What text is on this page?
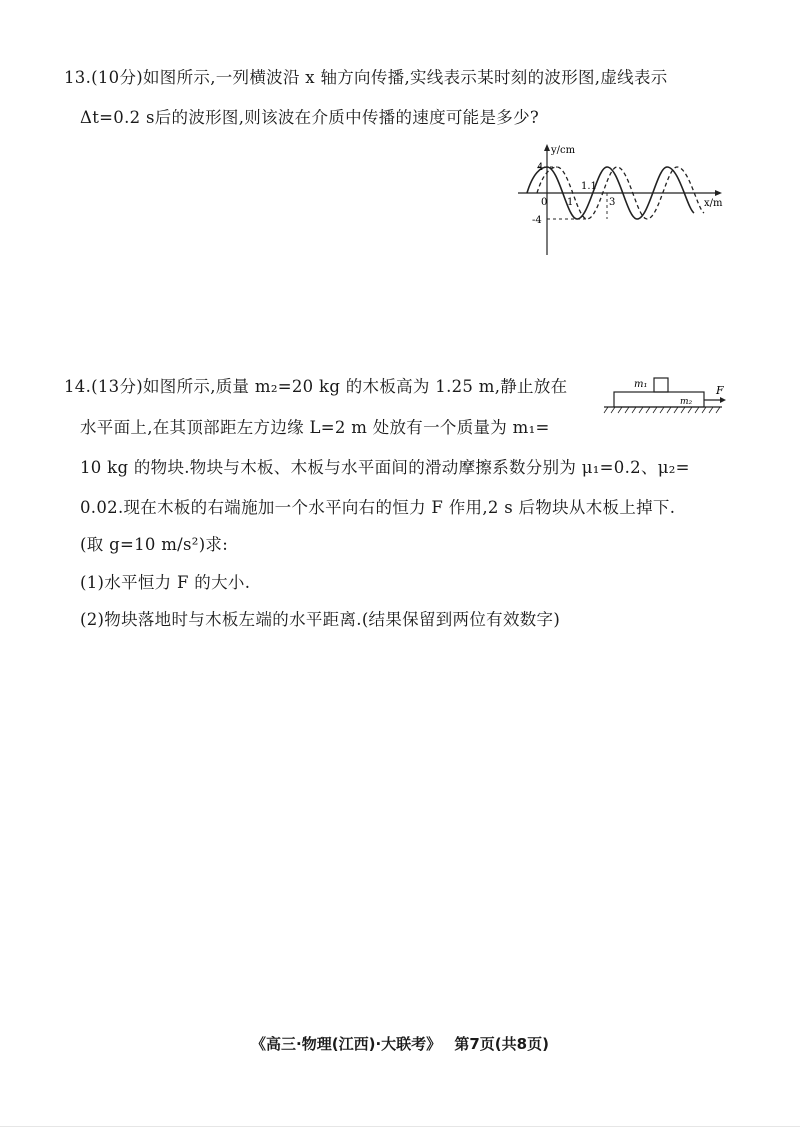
13.(10分)如图所示,一列横波沿 x 轴方向传播,实线表示某时刻的波形图,虚线表示
Δt=0.2 s后的波形图,则该波在介质中传播的速度可能是多少?
y/cm
x/m
4
-4
0 1
1.1
3
14.(13分)如图所示,质量 m₂=20 kg 的木板高为 1.25 m,静止放在
水平面上,在其顶部距左方边缘 L=2 m 处放有一个质量为 m₁=
10 kg 的物块.物块与木板、木板与水平面间的滑动摩擦系数分别为 μ₁=0.2、μ₂=
0.02.现在木板的右端施加一个水平向右的恒力 F 作用,2 s 后物块从木板上掉下.
(取 g=10 m/s²)求:
(1)水平恒力 F 的大小.
(2)物块落地时与木板左端的水平距离.(结果保留到两位有效数字)
m₁
m₂
F
《高三·物理(江西)·大联考》 第7页(共8页)
